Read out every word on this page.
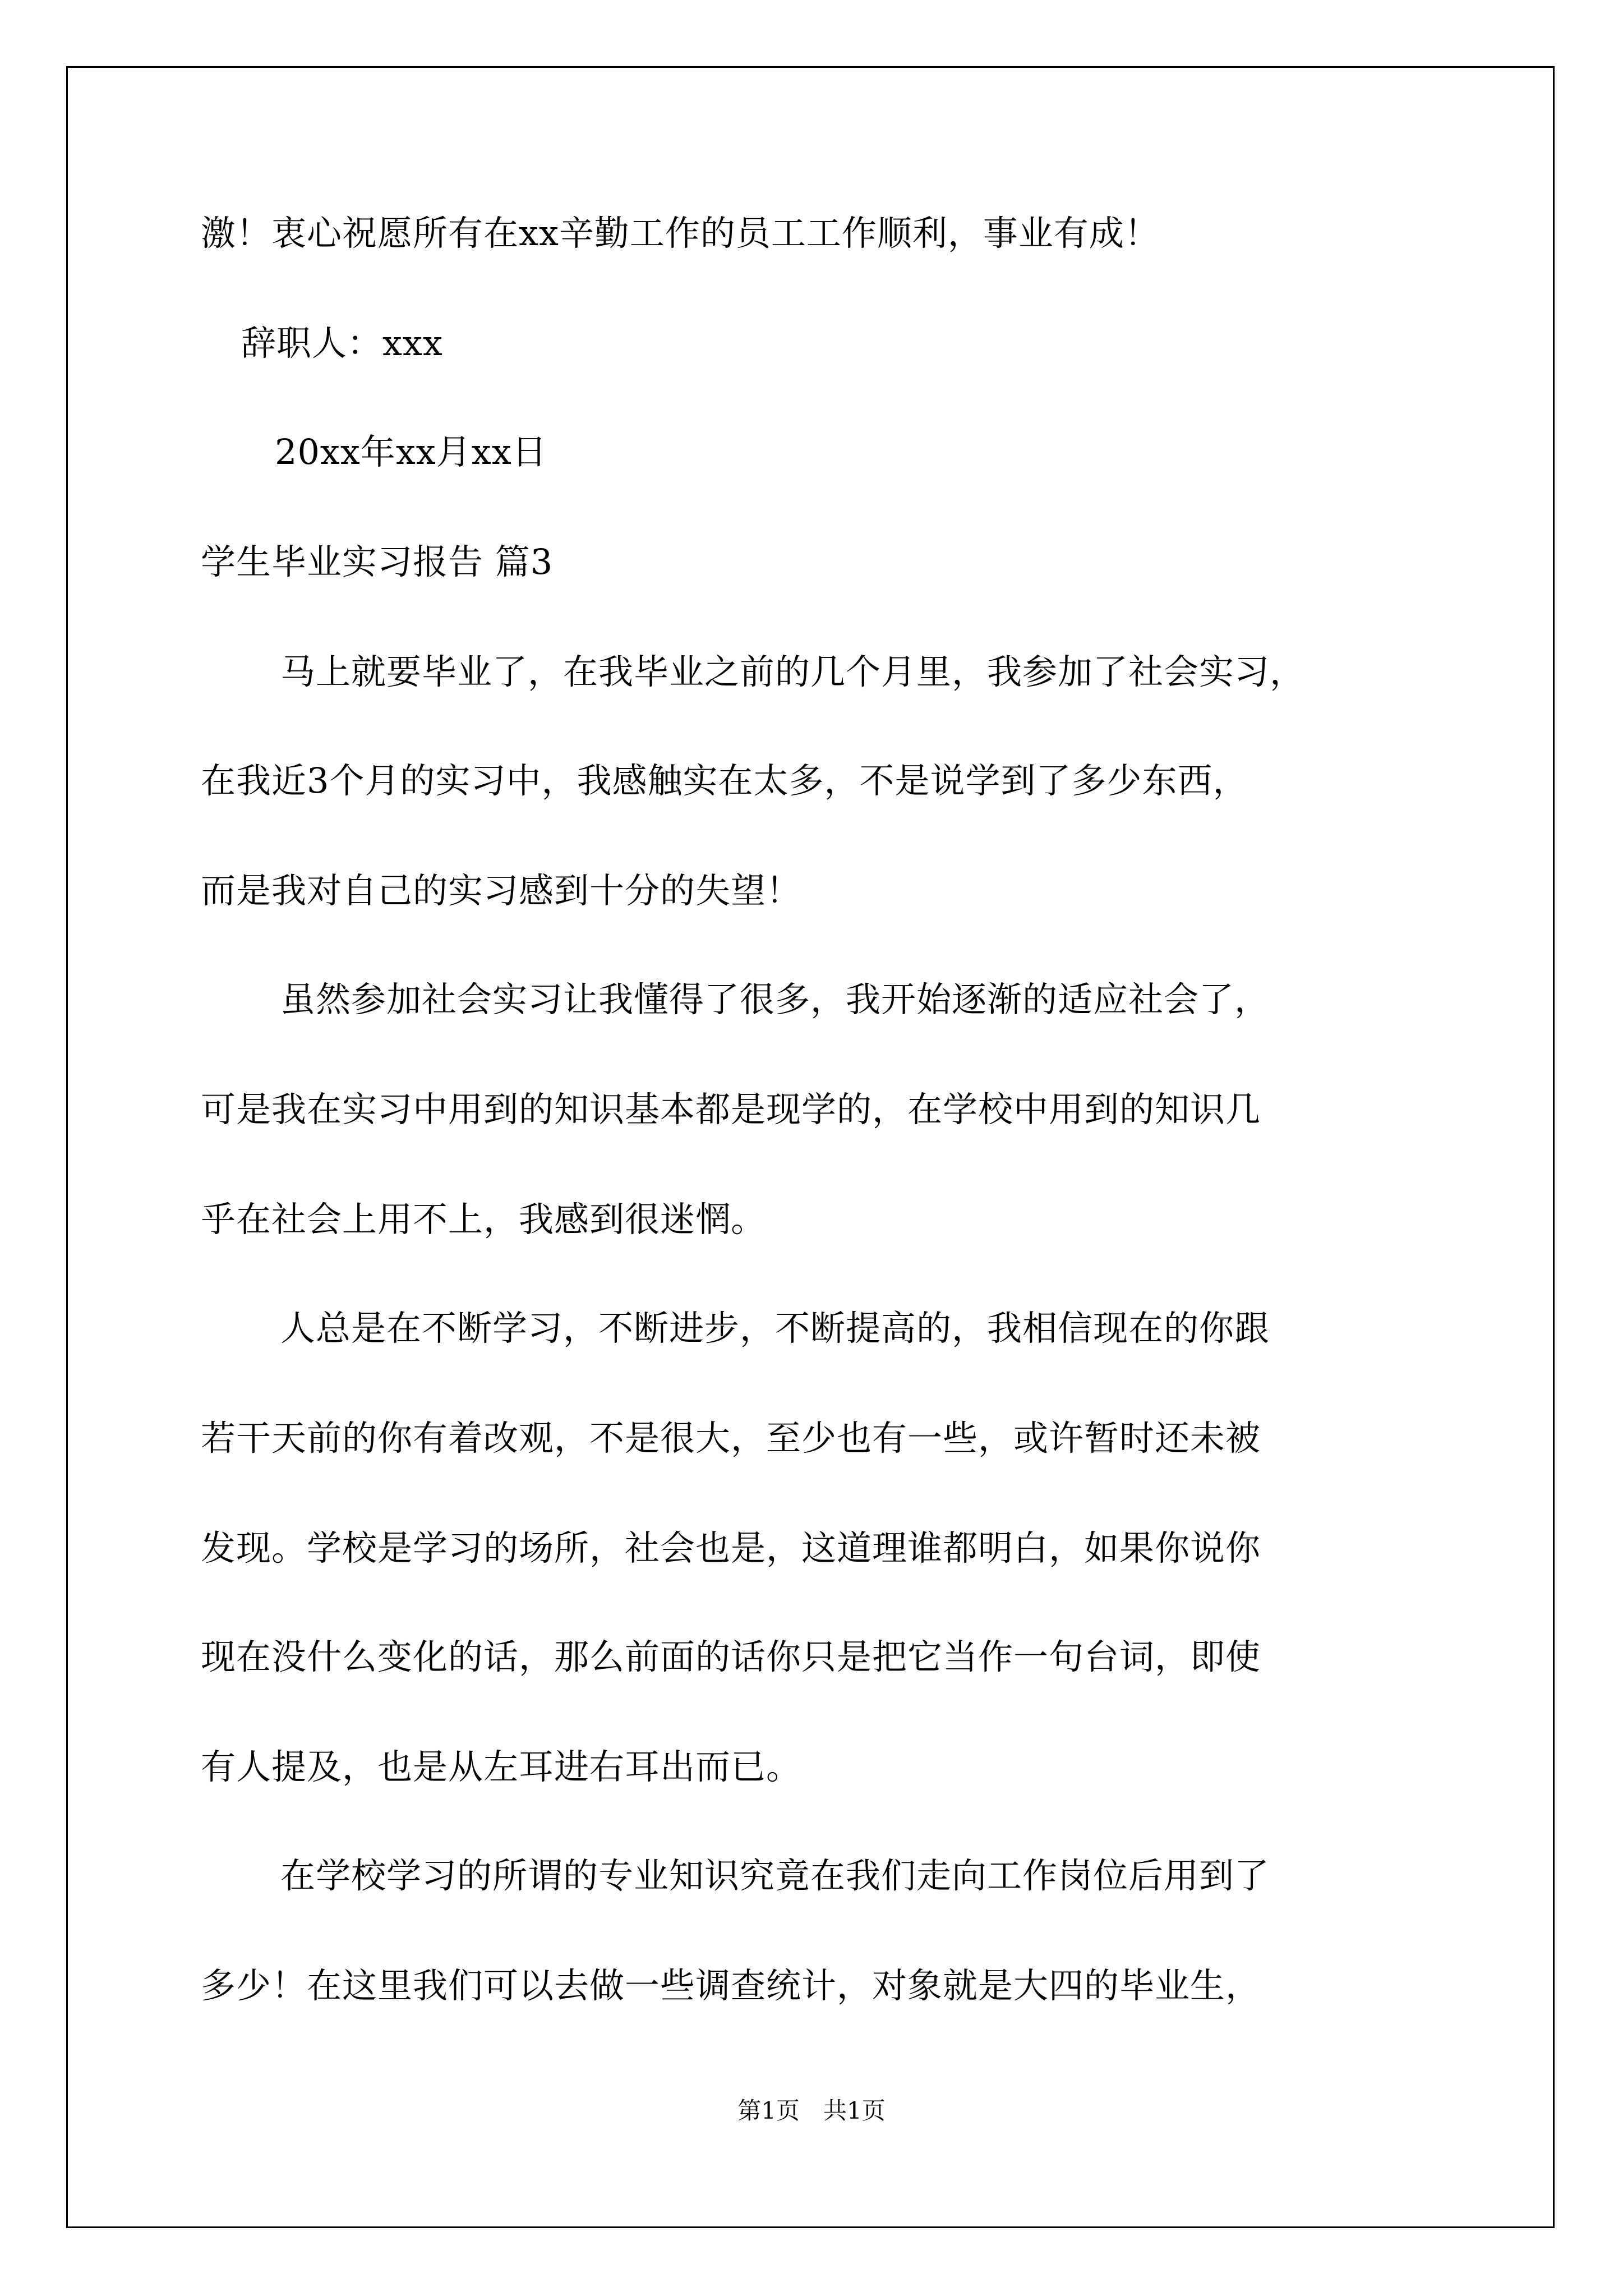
激！衷心祝愿所有在xx辛勤工作的员工工作顺利，事业有成！
辞职人：xxx
20xx年xx月xx日
学生毕业实习报告 篇3
马上就要毕业了，在我毕业之前的几个月里，我参加了社会实习，
在我近3个月的实习中，我感触实在太多，不是说学到了多少东西，
而是我对自己的实习感到十分的失望！
虽然参加社会实习让我懂得了很多，我开始逐渐的适应社会了，
可是我在实习中用到的知识基本都是现学的，在学校中用到的知识几
乎在社会上用不上，我感到很迷惘。
人总是在不断学习，不断进步，不断提高的，我相信现在的你跟
若干天前的你有着改观，不是很大，至少也有一些，或许暂时还未被
发现。学校是学习的场所，社会也是，这道理谁都明白，如果你说你
现在没什么变化的话，那么前面的话你只是把它当作一句台词，即使
有人提及，也是从左耳进右耳出而已。
在学校学习的所谓的专业知识究竟在我们走向工作岗位后用到了
多少！在这里我们可以去做一些调查统计，对象就是大四的毕业生，
第1页　共1页
